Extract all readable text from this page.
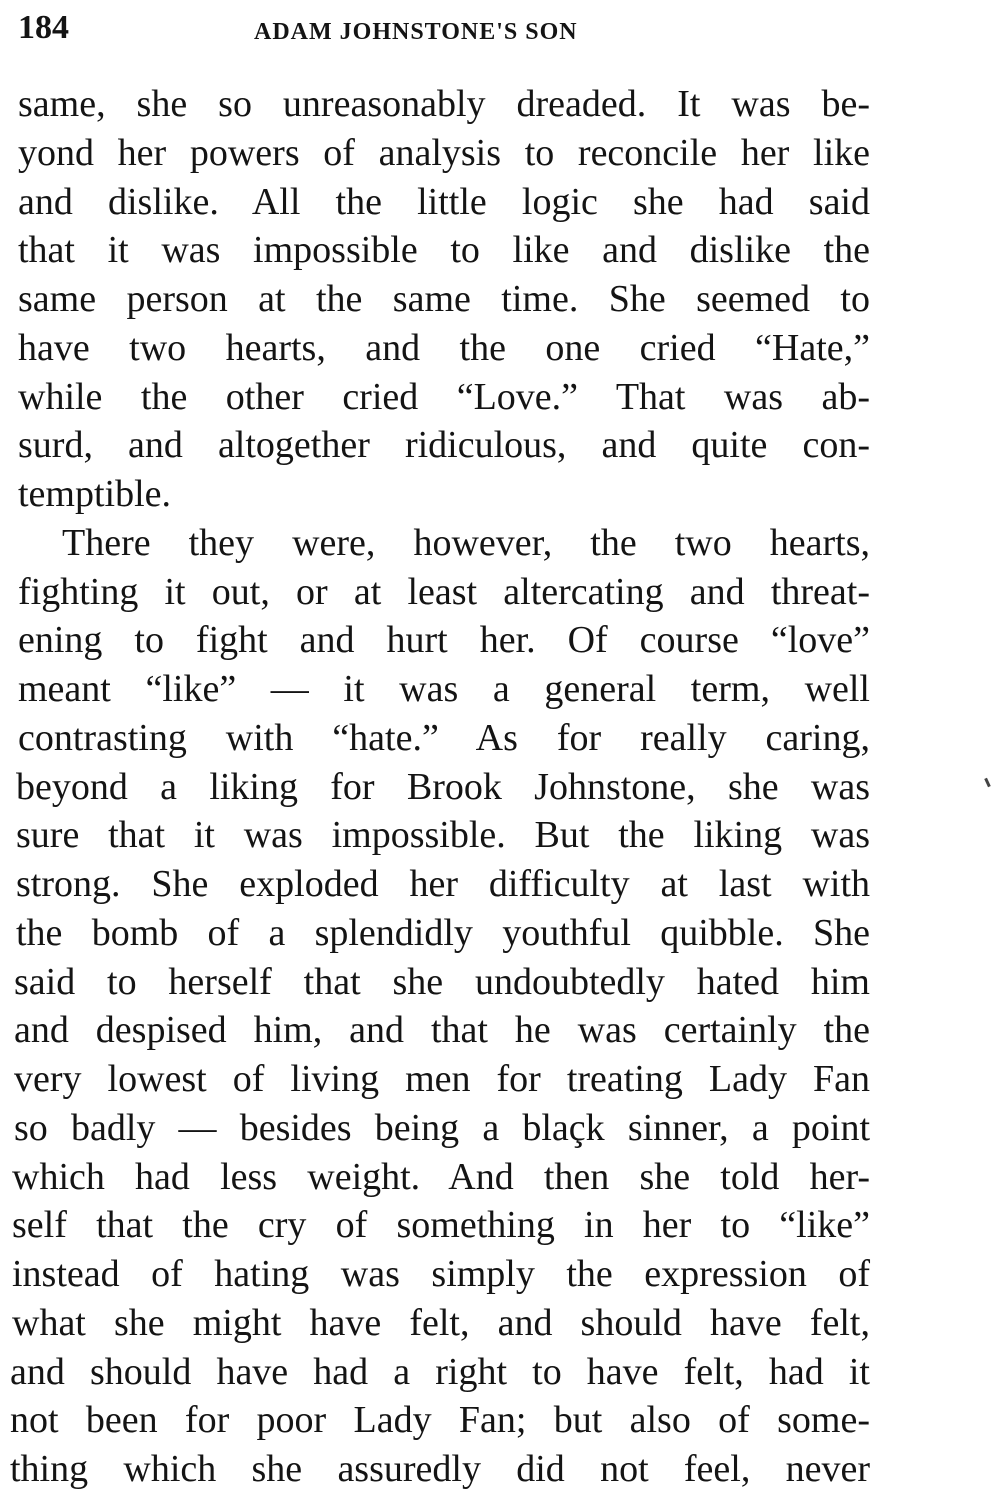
184	ADAM JOHNSTONE'S SON
same, she so unreasonably dreaded. It was be-
yond her powers of analysis to reconcile her like
and dislike. All the little logic she had said
that it was impossible to like and dislike the
same person at the same time. She seemed to
have two hearts, and the one cried “Hate,”
while the other cried “Love.” That was ab-
surd, and altogether ridiculous, and quite con-
temptible.
There they were, however, the two hearts,
fighting it out, or at least altercating and threat-
ening to fight and hurt her. Of course “love”
meant “like” — it was a general term, well
contrasting with “hate.” As for really caring,
beyond a liking for Brook Johnstone, she was
sure that it was impossible. But the liking was
strong. She exploded her difficulty at last with
the bomb of a splendidly youthful quibble. She
said to herself that she undoubtedly hated him
and despised him, and that he was certainly the
very lowest of living men for treating Lady Fan
so badly — besides being a blaçk sinner, a point
which had less weight. And then she told her-
self that the cry of something in her to “like”
instead of hating was simply the expression of
what she might have felt, and should have felt,
and should have had a right to have felt, had it
not been for poor Lady Fan; but also of some-
thing which she assuredly did not feel, never
